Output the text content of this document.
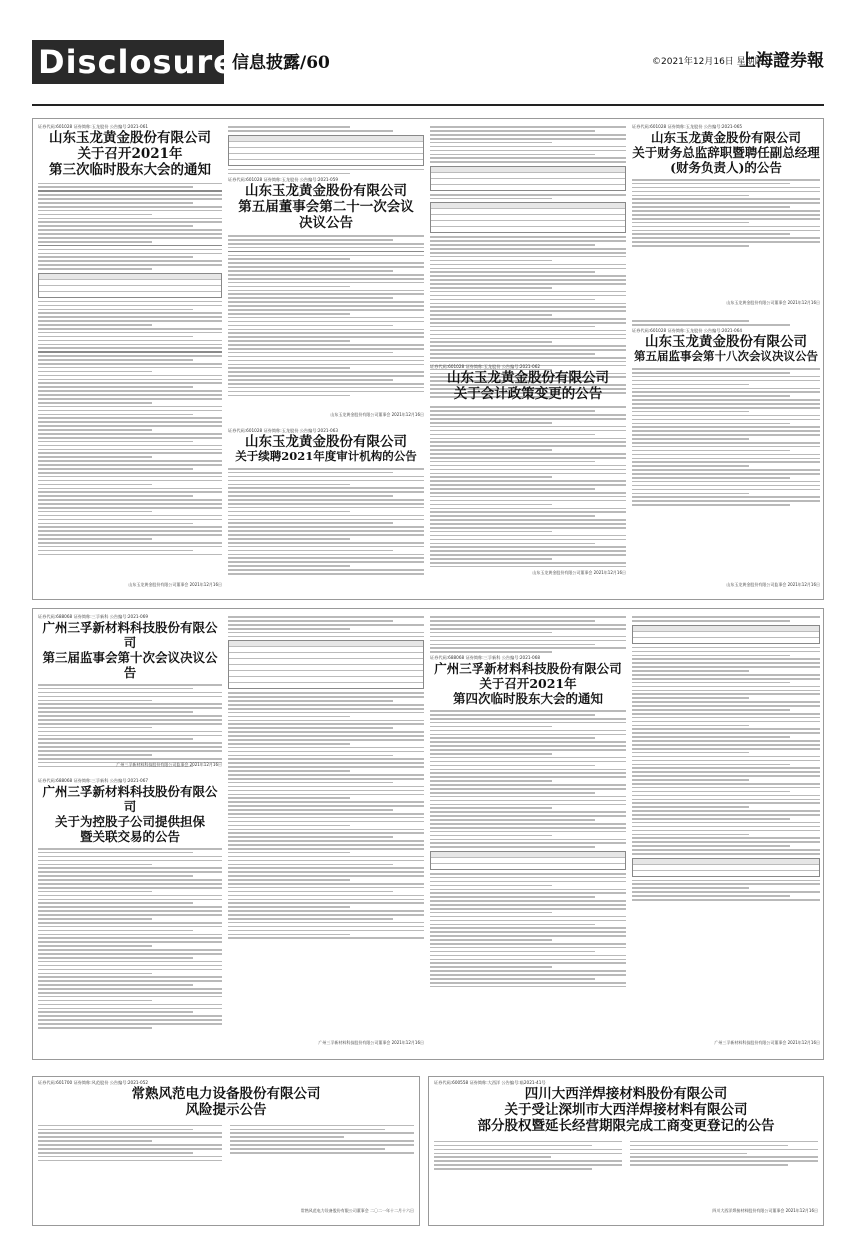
Disclosure
信息披露/60	©2021年12月16日 星期四
上海證券報
证券代码:601028 证券简称:玉龙股份 公告编号:2021-061
山东玉龙黄金股份有限公司
关于召开2021年
第三次临时股东大会的通知
山东玉龙黄金股份有限公司董事会 2021年12月16日
证券代码:601028 证券简称:玉龙股份 公告编号:2021-059
山东玉龙黄金股份有限公司
第五届董事会第二十一次会议
决议公告
山东玉龙黄金股份有限公司董事会 2021年12月16日
证券代码:601028 证券简称:玉龙股份 公告编号:2021-063
山东玉龙黄金股份有限公司
关于续聘2021年度审计机构的公告
证券代码:601028 证券简称:玉龙股份 公告编号:2021-062
山东玉龙黄金股份有限公司
关于会计政策变更的公告
山东玉龙黄金股份有限公司董事会 2021年12月16日
证券代码:601028 证券简称:玉龙股份 公告编号:2021-065
山东玉龙黄金股份有限公司
关于财务总监辞职暨聘任副总经理
(财务负责人)的公告
山东玉龙黄金股份有限公司董事会 2021年12月16日
证券代码:601028 证券简称:玉龙股份 公告编号:2021-064
山东玉龙黄金股份有限公司
第五届监事会第十八次会议决议公告
山东玉龙黄金股份有限公司监事会 2021年12月16日
证券代码:688068 证券简称:三孚新科 公告编号:2021-069
广州三孚新材料科技股份有限公司
第三届监事会第十次会议决议公告
广州三孚新材料科技股份有限公司监事会 2021年12月16日
证券代码:688068 证券简称:三孚新科 公告编号:2021-067
广州三孚新材料科技股份有限公司
关于为控股子公司提供担保
暨关联交易的公告
广州三孚新材料科技股份有限公司董事会 2021年12月16日
证券代码:688068 证券简称:三孚新科 公告编号:2021-068
广州三孚新材料科技股份有限公司
关于召开2021年
第四次临时股东大会的通知
广州三孚新材料科技股份有限公司董事会 2021年12月16日
证券代码:601700 证券简称:风范股份 公告编号:2021-052
常熟风范电力设备股份有限公司
风险提示公告
常熟风范电力设备股份有限公司董事会 二〇二一年十二月十六日
证券代码:600558 证券简称:大西洋 公告编号:临2021-41号
四川大西洋焊接材料股份有限公司
关于受让深圳市大西洋焊接材料有限公司
部分股权暨延长经营期限完成工商变更登记的公告
四川大西洋焊接材料股份有限公司董事会 2021年12月16日
